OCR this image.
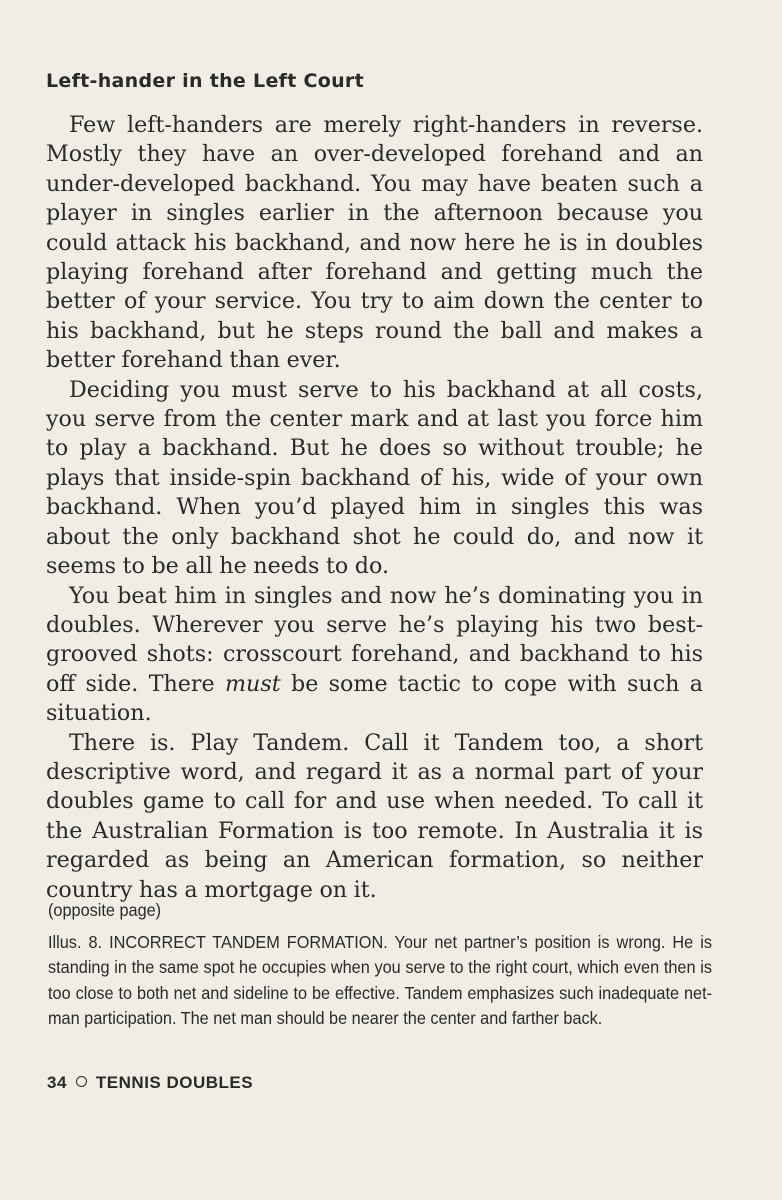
Left-hander in the Left Court

Few left-handers are merely right-handers in reverse. Mostly they have an over-developed forehand and an under-developed backhand. You may have beaten such a player in singles earlier in the afternoon because you could attack his backhand, and now here he is in doubles playing forehand after forehand and getting much the better of your service. You try to aim down the center to his backhand, but he steps round the ball and makes a better forehand than ever.

Deciding you must serve to his backhand at all costs, you serve from the center mark and at last you force him to play a backhand. But he does so without trouble; he plays that inside-spin backhand of his, wide of your own backhand. When you’d played him in singles this was about the only backhand shot he could do, and now it seems to be all he needs to do.

You beat him in singles and now he’s dominating you in doubles. Wherever you serve he’s playing his two best-grooved shots: crosscourt forehand, and backhand to his off side. There must be some tactic to cope with such a situation.

There is. Play Tandem. Call it Tandem too, a short descriptive word, and regard it as a normal part of your doubles game to call for and use when needed. To call it the Australian Formation is too remote. In Australia it is regarded as being an American formation, so neither country has a mortgage on it.

(opposite page)
Illus. 8. INCORRECT TANDEM FORMATION. Your net partner’s position is wrong. He is standing in the same spot he occupies when you serve to the right court, which even then is too close to both net and sideline to be effective. Tandem emphasizes such inadequate net-man participation. The net man should be nearer the center and farther back.
34 TENNIS DOUBLES
